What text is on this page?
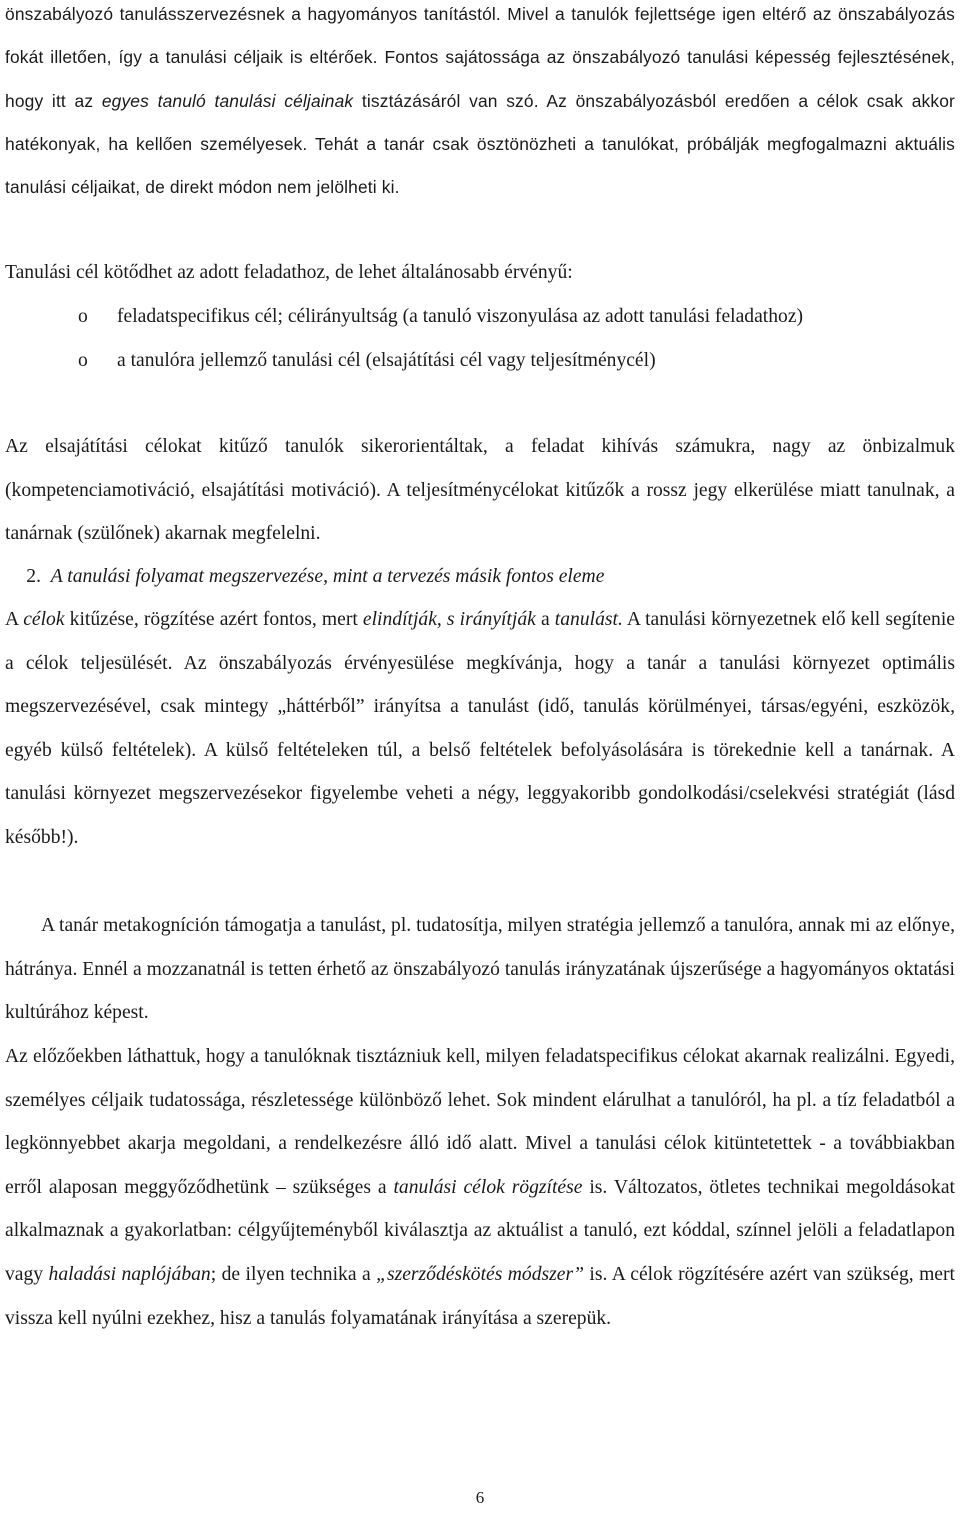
önszabályozó tanulásszervezésnek a hagyományos tanítástól. Mivel a tanulók fejlettsége igen eltérő az önszabályozás fokát illetően, így a tanulási céljaik is eltérőek. Fontos sajátossága az önszabályozó tanulási képesség fejlesztésének, hogy itt az egyes tanuló tanulási céljainak tisztázásáról van szó. Az önszabályozásból eredően a célok csak akkor hatékonyak, ha kellően személyesek. Tehát a tanár csak ösztönözheti a tanulókat, próbálják megfogalmazni aktuális tanulási céljaikat, de direkt módon nem jelölheti ki.

Tanulási cél kötődhet az adott feladathoz, de lehet általánosabb érvényű:

o feladatspecifikus cél; célirányultság (a tanuló viszonyulása az adott tanulási feladathoz)
o a tanulóra jellemző tanulási cél (elsajátítási cél vagy teljesítménycél)

Az elsajátítási célokat kitűző tanulók sikerorientáltak, a feladat kihívás számukra, nagy az önbizalmuk (kompetenciamotiváció, elsajátítási motiváció). A teljesítménycélokat kitűzők a rossz jegy elkerülése miatt tanulnak, a tanárnak (szülőnek) akarnak megfelelni.

2. A tanulási folyamat megszervezése, mint a tervezés másik fontos eleme

A célok kitűzése, rögzítése azért fontos, mert elindítják, s irányítják a tanulást. A tanulási környezetnek elő kell segítenie a célok teljesülését. Az önszabályozás érvényesülése megkívánja, hogy a tanár a tanulási környezet optimális megszervezésével, csak mintegy „háttérből” irányítsa a tanulást (idő, tanulás körülményei, társas/egyéni, eszközök, egyéb külső feltételek). A külső feltételeken túl, a belső feltételek befolyásolására is törekednie kell a tanárnak. A tanulási környezet megszervezésekor figyelembe veheti a négy, leggyakoribb gondolkodási/cselekvési stratégiát (lásd később!).

A tanár metakogníción támogatja a tanulást, pl. tudatosítja, milyen stratégia jellemző a tanulóra, annak mi az előnye, hátránya. Ennél a mozzanatnál is tetten érhető az önszabályozó tanulás irányzatának újszerűsége a hagyományos oktatási kultúrához képest.

Az előzőekben láthattuk, hogy a tanulóknak tisztázniuk kell, milyen feladatspecifikus célokat akarnak realizálni. Egyedi, személyes céljaik tudatossága, részletessége különböző lehet. Sok mindent elárulhat a tanulóról, ha pl. a tíz feladatból a legkönnyebbet akarja megoldani, a rendelkezésre álló idő alatt. Mivel a tanulási célok kitüntetettek - a továbbiakban erről alaposan meggyőződhetünk – szükséges a tanulási célok rögzítése is. Változatos, ötletes technikai megoldásokat alkalmaznak a gyakorlatban: célgyűjteményből kiválasztja az aktuálist a tanuló, ezt kóddal, színnel jelöli a feladatlapon vagy haladási naplójában; de ilyen technika a „szerződéskötés módszer” is. A célok rögzítésére azért van szükség, mert vissza kell nyúlni ezekhez, hisz a tanulás folyamatának irányítása a szerepük.

6
